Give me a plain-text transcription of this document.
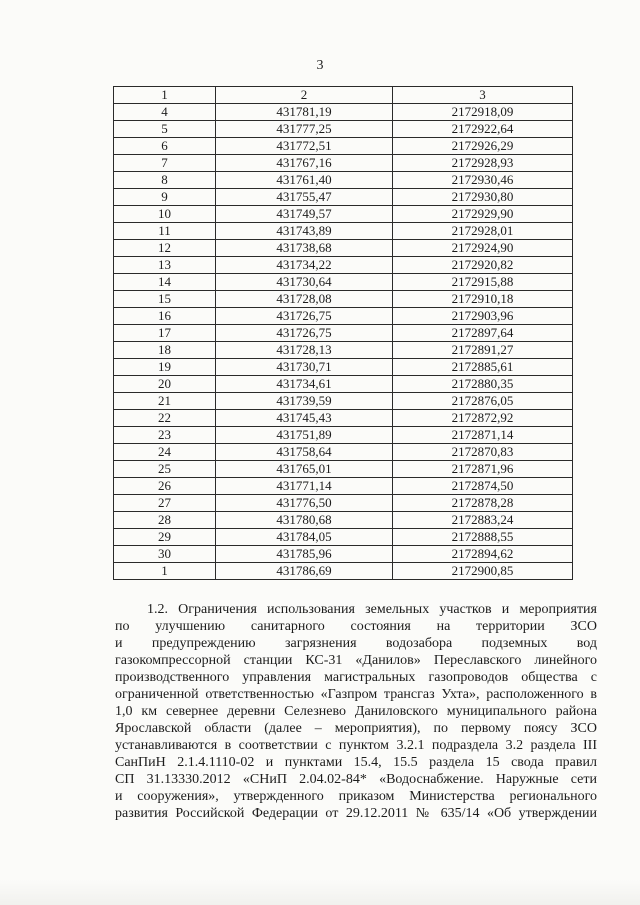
3
1	2	3
4	431781,19	2172918,09
5	431777,25	2172922,64
6	431772,51	2172926,29
7	431767,16	2172928,93
8	431761,40	2172930,46
9	431755,47	2172930,80
10	431749,57	2172929,90
11	431743,89	2172928,01
12	431738,68	2172924,90
13	431734,22	2172920,82
14	431730,64	2172915,88
15	431728,08	2172910,18
16	431726,75	2172903,96
17	431726,75	2172897,64
18	431728,13	2172891,27
19	431730,71	2172885,61
20	431734,61	2172880,35
21	431739,59	2172876,05
22	431745,43	2172872,92
23	431751,89	2172871,14
24	431758,64	2172870,83
25	431765,01	2172871,96
26	431771,14	2172874,50
27	431776,50	2172878,28
28	431780,68	2172883,24
29	431784,05	2172888,55
30	431785,96	2172894,62
1	431786,69	2172900,85
1.2. Ограничения использования земельных участков и мероприятия
по улучшению санитарного состояния на территории ЗСО
и предупреждению загрязнения водозабора подземных вод
газокомпрессорной станции КС-31 «Данилов» Переславского линейного
производственного управления магистральных газопроводов общества с
ограниченной ответственностью «Газпром трансгаз Ухта», расположенного в
1,0 км севернее деревни Селезнево Даниловского муниципального района
Ярославской области (далее – мероприятия), по первому поясу ЗСО
устанавливаются в соответствии с пунктом 3.2.1 подраздела 3.2 раздела III
СанПиН 2.1.4.1110-02 и пунктами 15.4, 15.5 раздела 15 свода правил
СП 31.13330.2012 «СНиП 2.04.02-84* «Водоснабжение. Наружные сети
и сооружения», утвержденного приказом Министерства регионального
развития Российской Федерации от 29.12.2011 № 635/14 «Об утверждении
